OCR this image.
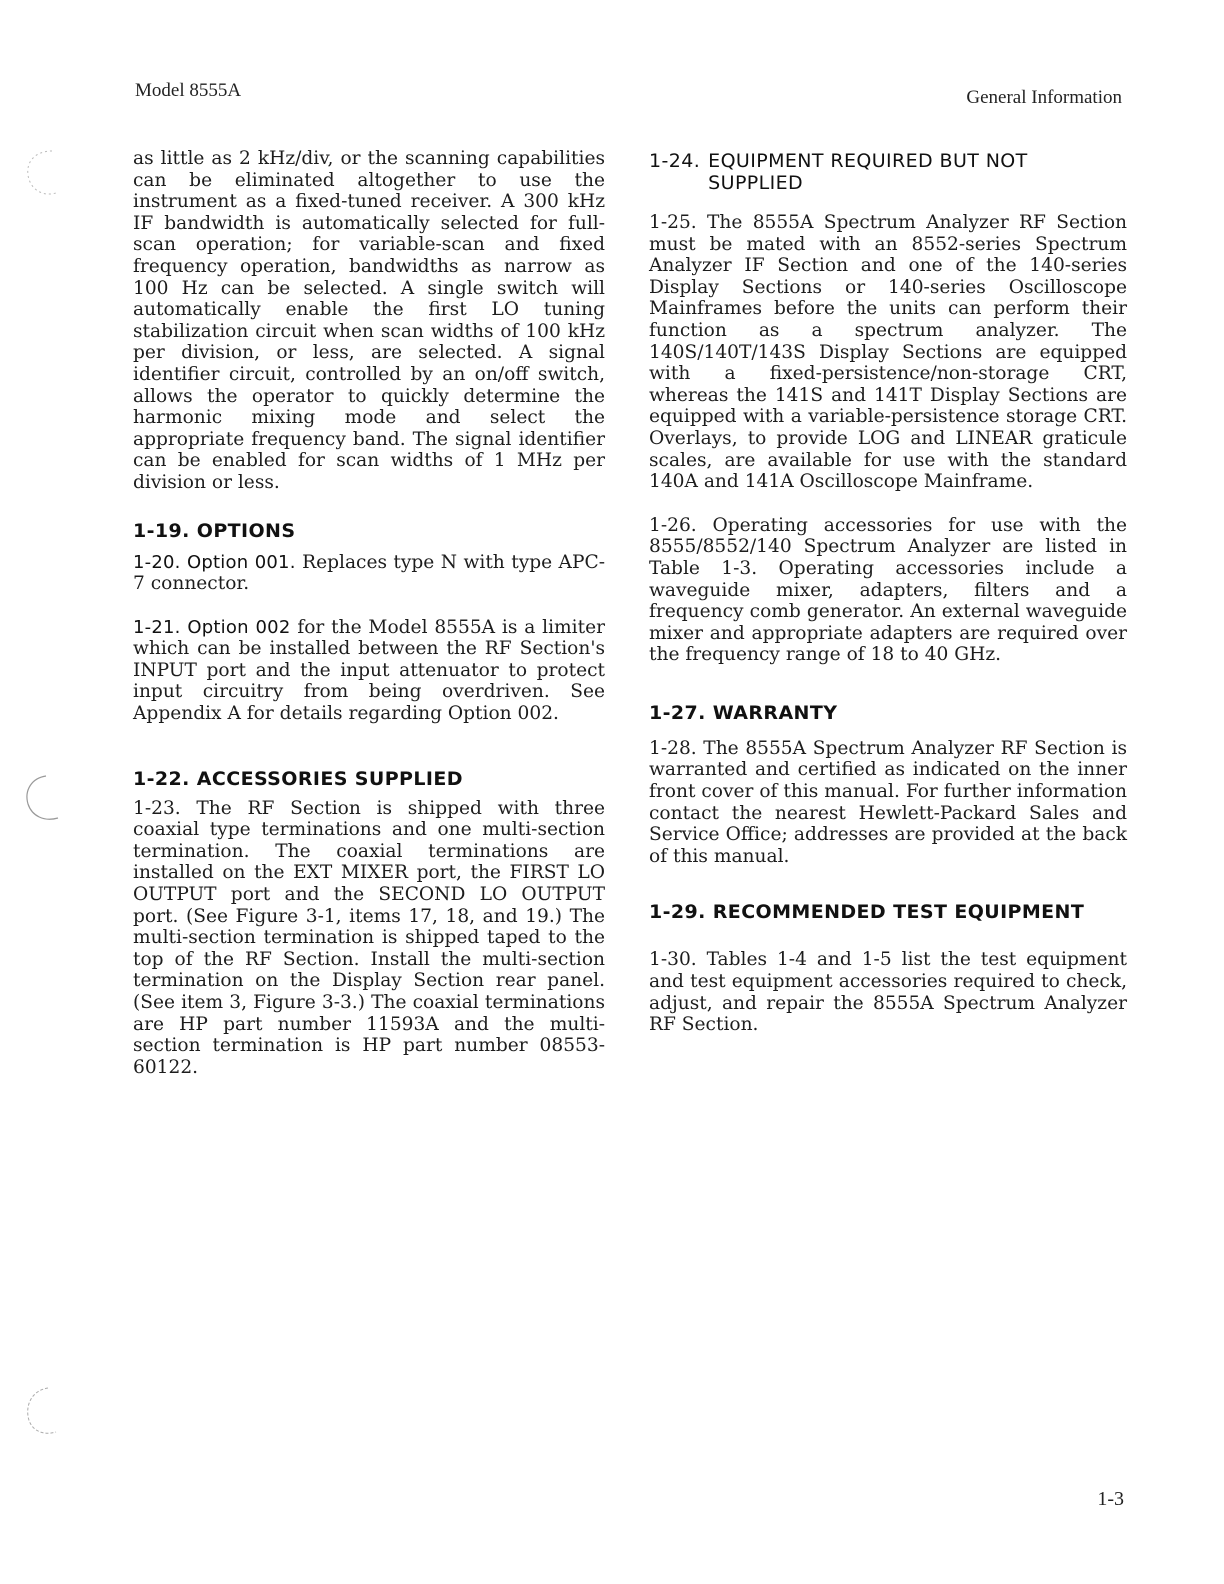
Model 8555A	General Information

as little as 2 kHz/div, or the scanning capabilities can be eliminated altogether to use the instrument as a fixed-tuned receiver. A 300 kHz IF bandwidth is automatically selected for full-scan operation; for variable-scan and fixed frequency operation, bandwidths as narrow as 100 Hz can be selected. A single switch will automatically enable the first LO tuning stabilization circuit when scan widths of 100 kHz per division, or less, are selected. A signal identifier circuit, controlled by an on/off switch, allows the operator to quickly determine the harmonic mixing mode and select the appropriate frequency band. The signal identifier can be enabled for scan widths of 1 MHz per division or less.

1-19. OPTIONS

1-20. Option 001. Replaces type N with type APC-7 connector.

1-21. Option 002 for the Model 8555A is a limiter which can be installed between the RF Section's INPUT port and the input attenuator to protect input circuitry from being overdriven. See Appendix A for details regarding Option 002.

1-22. ACCESSORIES SUPPLIED

1-23. The RF Section is shipped with three coaxial type terminations and one multi-section termination. The coaxial terminations are installed on the EXT MIXER port, the FIRST LO OUTPUT port and the SECOND LO OUTPUT port. (See Figure 3-1, items 17, 18, and 19.) The multi-section termination is shipped taped to the top of the RF Section. Install the multi-section termination on the Display Section rear panel. (See item 3, Figure 3-3.) The coaxial terminations are HP part number 11593A and the multi-section termination is HP part number 08553-60122.

1-24. EQUIPMENT REQUIRED BUT NOT SUPPLIED

1-25. The 8555A Spectrum Analyzer RF Section must be mated with an 8552-series Spectrum Analyzer IF Section and one of the 140-series Display Sections or 140-series Oscilloscope Mainframes before the units can perform their function as a spectrum analyzer. The 140S/140T/143S Display Sections are equipped with a fixed-persistence/non-storage CRT, whereas the 141S and 141T Display Sections are equipped with a variable-persistence storage CRT. Overlays, to provide LOG and LINEAR graticule scales, are available for use with the standard 140A and 141A Oscilloscope Mainframe.

1-26. Operating accessories for use with the 8555/8552/140 Spectrum Analyzer are listed in Table 1-3. Operating accessories include a waveguide mixer, adapters, filters and a frequency comb generator. An external waveguide mixer and appropriate adapters are required over the frequency range of 18 to 40 GHz.

1-27. WARRANTY

1-28. The 8555A Spectrum Analyzer RF Section is warranted and certified as indicated on the inner front cover of this manual. For further information contact the nearest Hewlett-Packard Sales and Service Office; addresses are provided at the back of this manual.

1-29. RECOMMENDED TEST EQUIPMENT

1-30. Tables 1-4 and 1-5 list the test equipment and test equipment accessories required to check, adjust, and repair the 8555A Spectrum Analyzer RF Section.

1-3
